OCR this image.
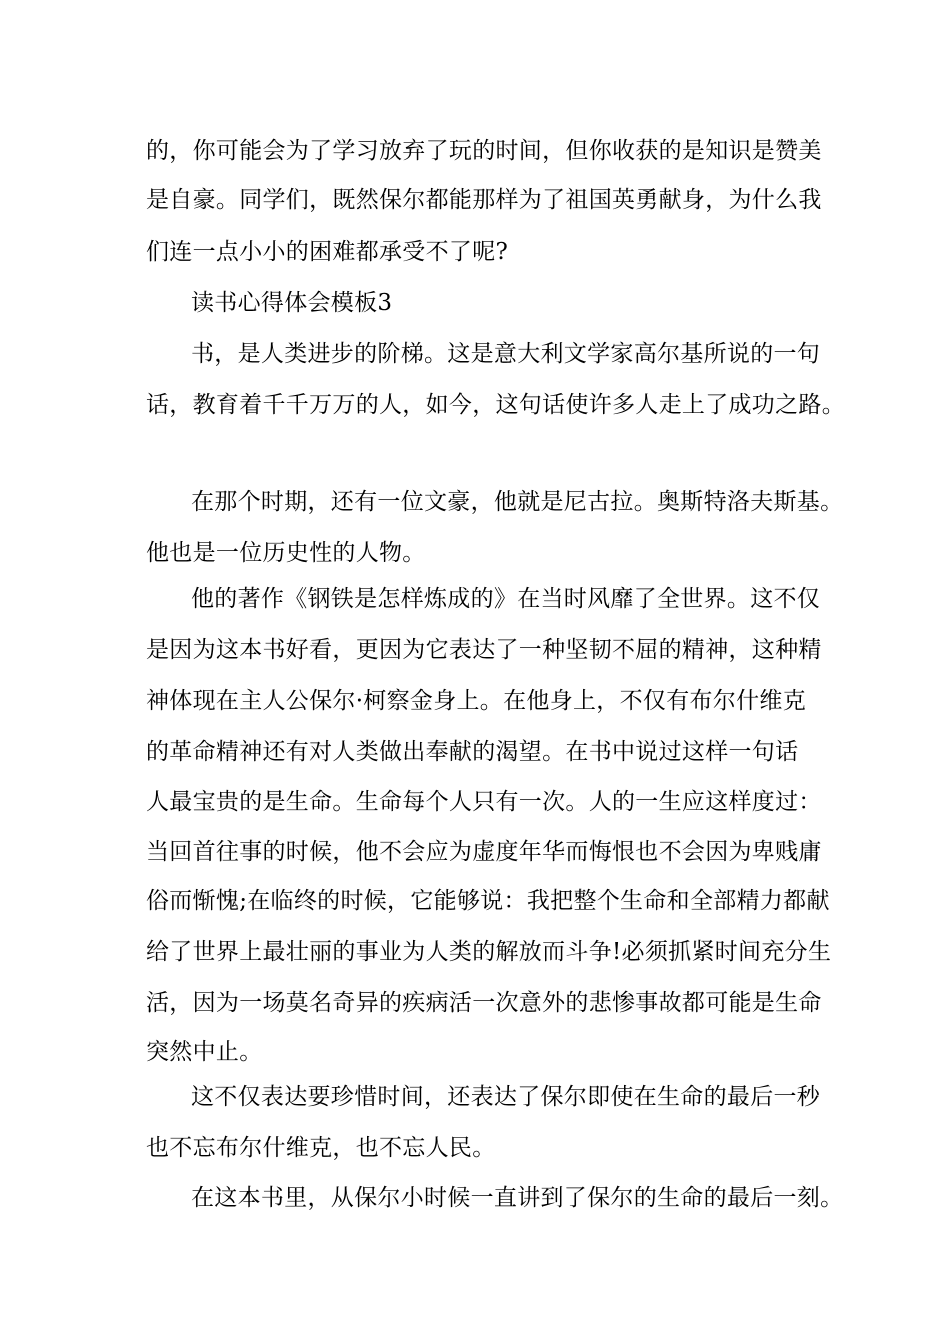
的，你可能会为了学习放弃了玩的时间，但你收获的是知识是赞美
是自豪。同学们，既然保尔都能那样为了祖国英勇献身，为什么我
们连一点小小的困难都承受不了呢?
读书心得体会模板3
书，是人类进步的阶梯。这是意大利文学家高尔基所说的一句
话，教育着千千万万的人，如今，这句话使许多人走上了成功之路。
在那个时期，还有一位文豪，他就是尼古拉。奥斯特洛夫斯基。
他也是一位历史性的人物。
他的著作《钢铁是怎样炼成的》在当时风靡了全世界。这不仅
是因为这本书好看，更因为它表达了一种坚韧不屈的精神，这种精
神体现在主人公保尔·柯察金身上。在他身上，不仅有布尔什维克
的革命精神还有对人类做出奉献的渴望。在书中说过这样一句话
人最宝贵的是生命。生命每个人只有一次。人的一生应这样度过：
当回首往事的时候，他不会应为虚度年华而悔恨也不会因为卑贱庸
俗而惭愧;在临终的时候，它能够说：我把整个生命和全部精力都献
给了世界上最壮丽的事业为人类的解放而斗争!必须抓紧时间充分生
活，因为一场莫名奇异的疾病活一次意外的悲惨事故都可能是生命
突然中止。
这不仅表达要珍惜时间，还表达了保尔即使在生命的最后一秒
也不忘布尔什维克，也不忘人民。
在这本书里，从保尔小时候一直讲到了保尔的生命的最后一刻。
